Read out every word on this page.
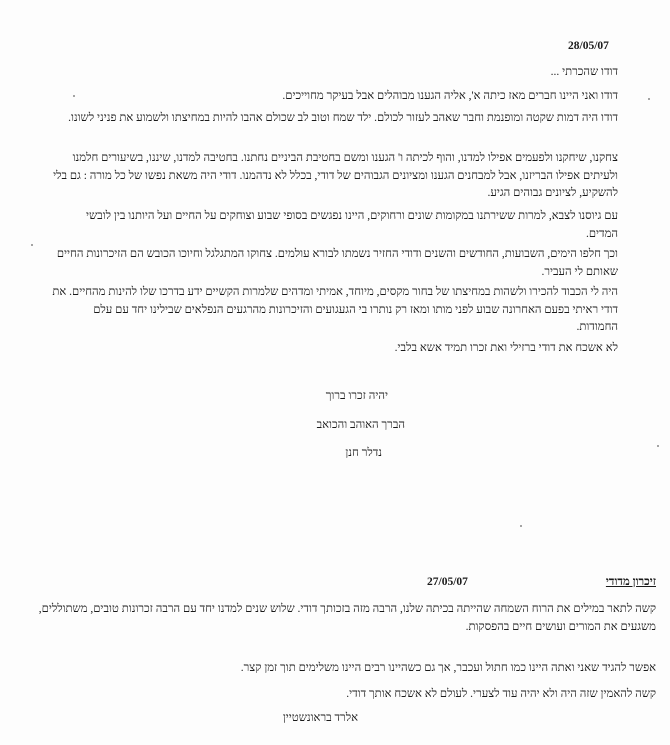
28/05/07
דודו שהכרתי ...
דודו ואני היינו חברים מאז כיתה א', אליה הגענו מבוהלים אבל בעיקר מחוייכים.
דודו היה דמות שקטה ומופנמת וחבר שאהב לעזור לכולם. ילד שמח וטוב לב שכולם אהבו להיות במחיצתו ולשמוע את פניני לשונו.
צחקנו, שיחקנו ולפעמים אפילו למדנו, והוף לכיתה ו' הגענו ומשם בחטיבת הביניים נחתנו. בחטיבה למדנו, שיננו, בשיעורים חלמנו ולעיתים אפילו הבריזנו, אבל למבחנים הגענו ומציונים הגבוהים של דודי, בכלל לא נדהמנו. דודי היה משאת נפשו של כל מורה : גם בלי להשקיע, לציונים גבוהים הגיע.
עם גיוסנו לצבא, למרות ששירתנו במקומות שונים ורחוקים, היינו נפגשים בסופי שבוע וצוחקים על החיים ועל היותנו בין לובשי המדים.
וכך חלפו הימים, השבועות, החודשים והשנים ודודי החזיר נשמתו לבורא עולמים. צחוקו המתגלגל וחיוכו הכובש הם הזיכרונות החיים שאותם לי העביר.
היה לי הכבוד להכירו ולשהות במחיצתו של בחור מקסים, מיוחד, אמיתי ומדהים שלמרות הקשיים ידע בדרכו שלו להינות מהחיים. את דודי ראיתי בפעם האחרונה שבוע לפני מותו ומאז רק נותרו בי הגעגועים והזיכרונות מהרגעים הנפלאים שבילינו יחד עם עלם החמודות.
לא אשכח את דודי ברזילי ואת זכרו תמיד אשא בלבי.
יהיה זכרו ברוך
הברך האוהב והכואב
נדלר חנן
זיכרון מדודי
27/05/07
קשה לתאר במילים את הרוח השמחה שהייתה בכיתה שלנו, הרבה מזה בזכותך דודי. שלוש שנים למדנו יחד עם הרבה זכרונות טובים, משתוללים, משגעים את המורים ועושים חיים בהפסקות.
אפשר להגיד שאני ואתה היינו כמו חתול ועכבר, אך גם כשהיינו רבים היינו משלימים תוך זמן קצר.
קשה להאמין שזה היה ולא יהיה עוד לצערי. לעולם לא אשכח אותך דודי.
אלרד בראונשטיין
